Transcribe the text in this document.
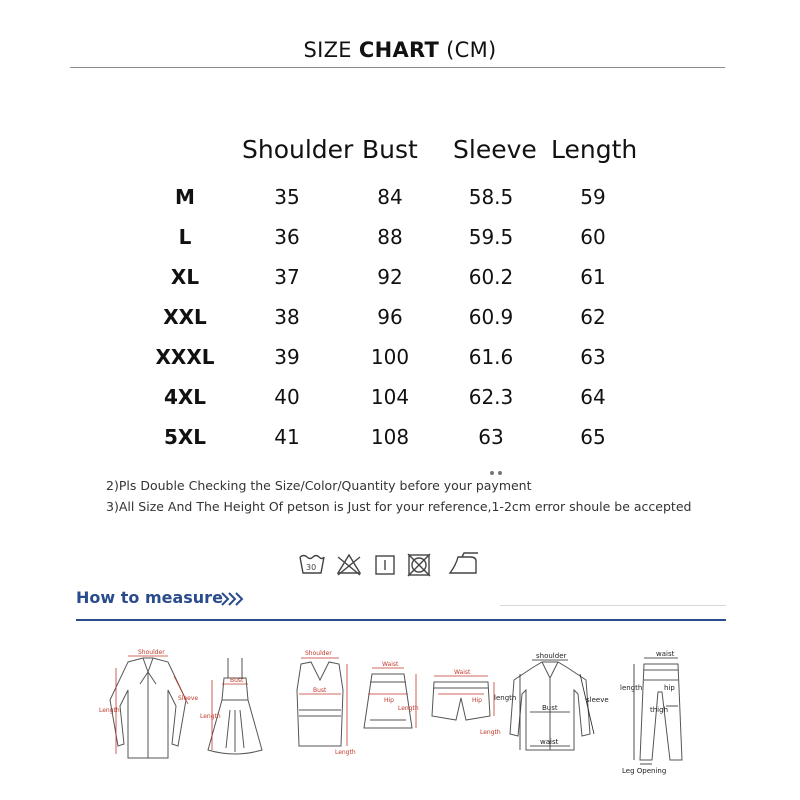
SIZE CHART (CM)
Shoulder Bust Sleeve Length
M	35	84	58.5	59
L	36	88	59.5	60
XL	37	92	60.2	61
XXL	38	96	60.9	62
XXXL	39	100	61.6	63
4XL	40	104	62.3	64
5XL	41	108	63	65
2)Pls Double Checking the Size/Color/Quantity before your payment
3)All Size And The Height Of petson is Just for your reference,1-2cm error shoule be accepted
30
How to measure
Shoulder
Length
Sleeve
Bust
Length
Shoulder
Bust
Length
Waist
Hip
Length
Waist
Hip
Length
shoulder
length
Bust
sleeve
waist
waist
length	hip
thigh
Leg Opening
